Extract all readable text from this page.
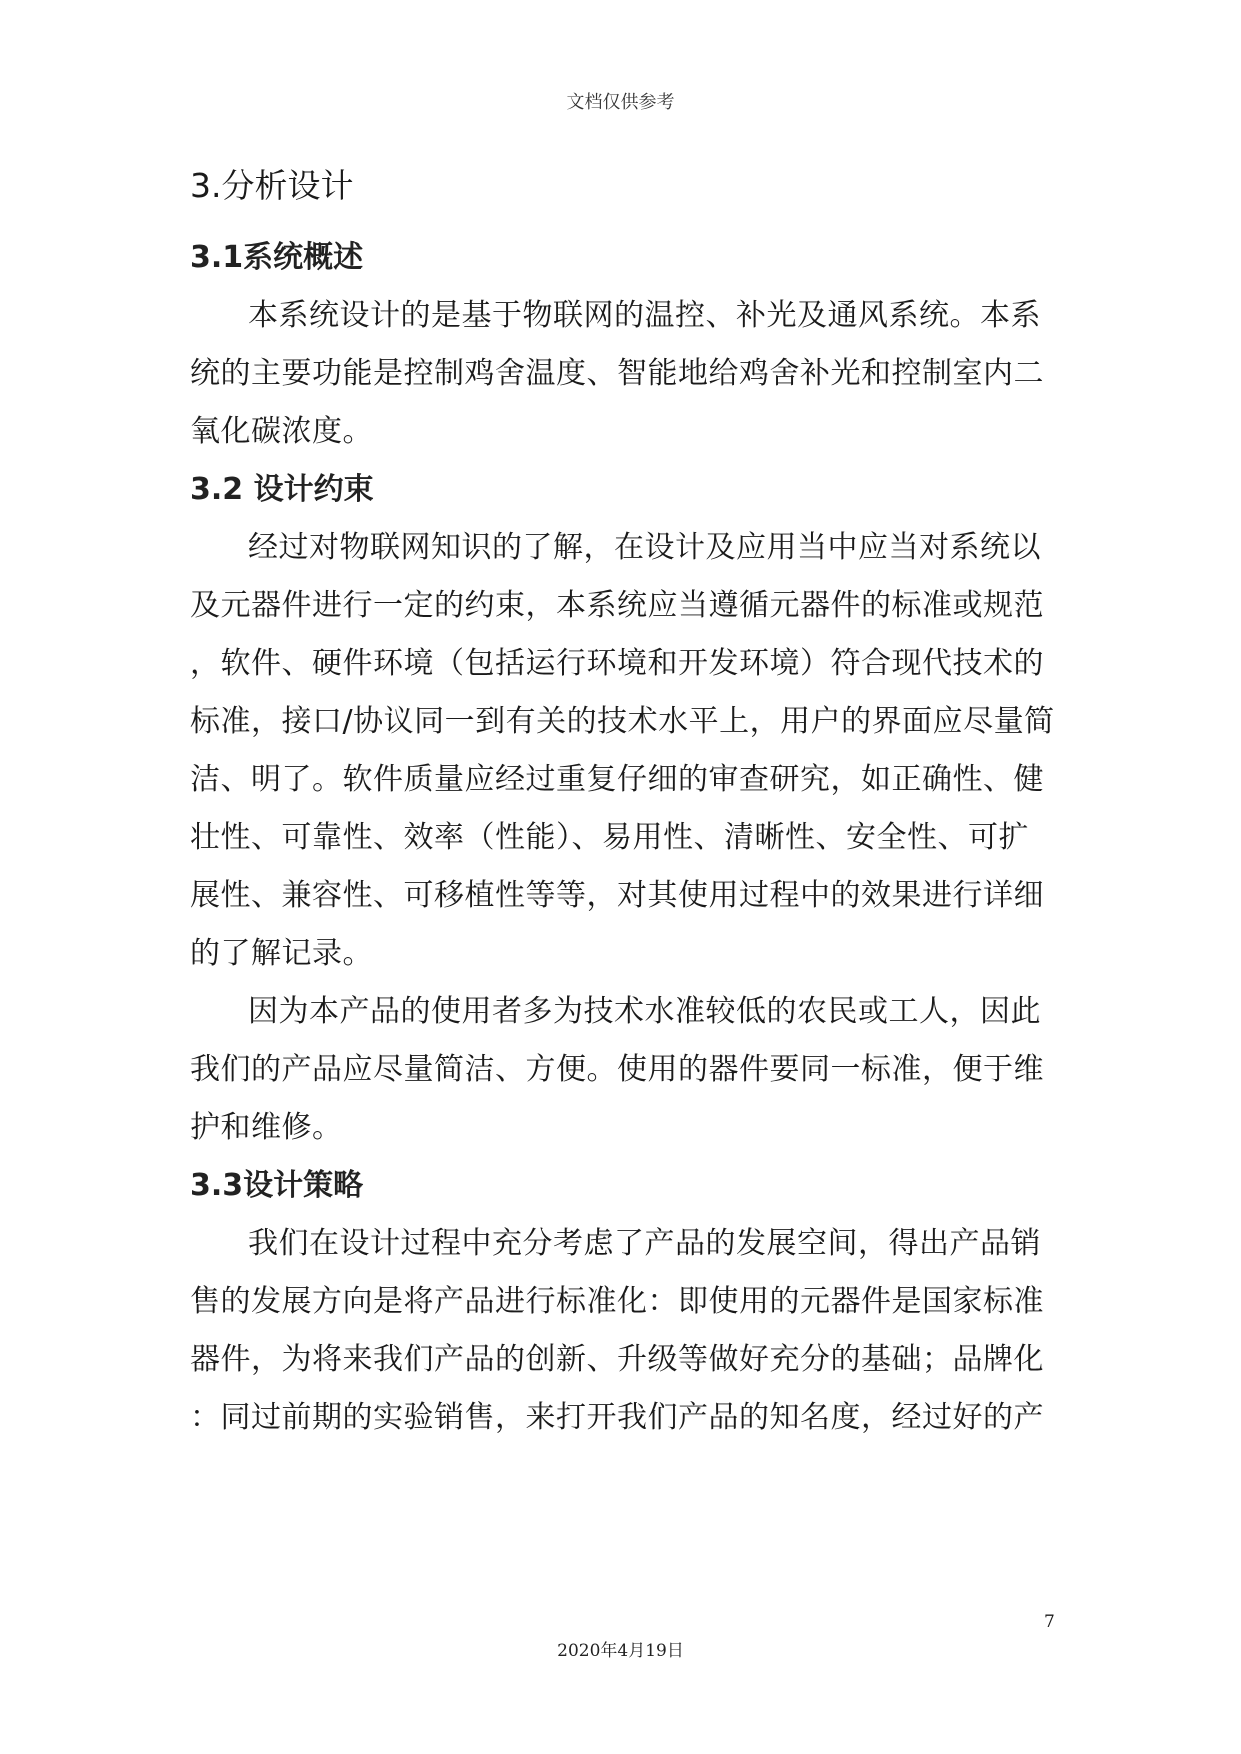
文档仅供参考
3.分析设计
3.1系统概述

本系统设计的是基于物联网的温控、补光及通风系统。本系

统的主要功能是控制鸡舍温度、智能地给鸡舍补光和控制室内二

氧化碳浓度。

3.2 设计约束

经过对物联网知识的了解，在设计及应用当中应当对系统以

及元器件进行一定的约束，本系统应当遵循元器件的标准或规范

，软件、硬件环境（包括运行环境和开发环境）符合现代技术的

标准，接口/协议同一到有关的技术水平上，用户的界面应尽量简

洁、明了。软件质量应经过重复仔细的审查研究，如正确性、健

壮性、可靠性、效率（性能）、易用性、清晰性、安全性、可扩

展性、兼容性、可移植性等等，对其使用过程中的效果进行详细

的了解记录。

因为本产品的使用者多为技术水准较低的农民或工人，因此

我们的产品应尽量简洁、方便。使用的器件要同一标准，便于维

护和维修。

3.3设计策略

我们在设计过程中充分考虑了产品的发展空间，得出产品销

售的发展方向是将产品进行标准化：即使用的元器件是国家标准

器件，为将来我们产品的创新、升级等做好充分的基础；品牌化

：同过前期的实验销售，来打开我们产品的知名度，经过好的产

7
2020年4月19日
